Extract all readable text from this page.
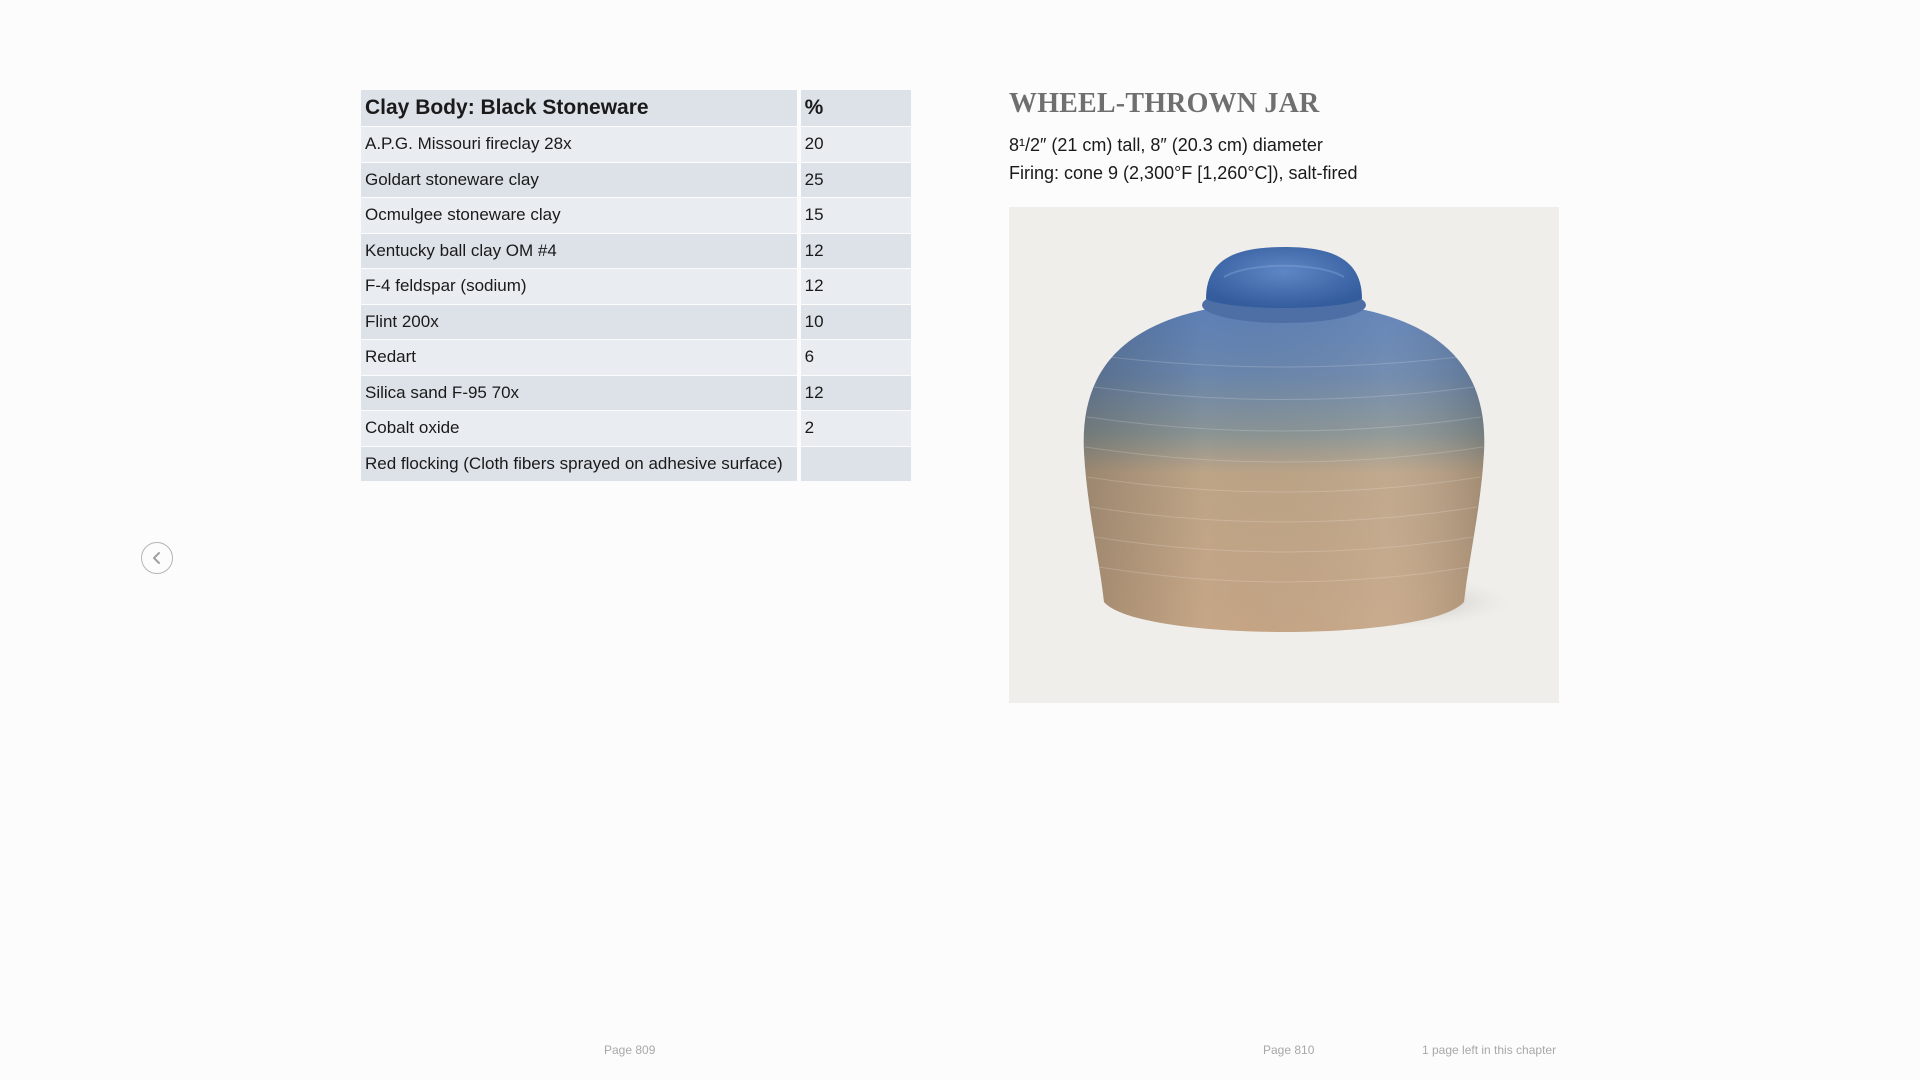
Clay Body: Black Stoneware	%
A.P.G. Missouri fireclay 28x	20
Goldart stoneware clay	25
Ocmulgee stoneware clay	15
Kentucky ball clay OM #4	12
F-4 feldspar (sodium)	12
Flint 200x	10
Redart	6
Silica sand F-95 70x	12
Cobalt oxide	2
Red flocking (Cloth fibers sprayed on adhesive surface)	
WHEEL-THROWN JAR
8¹/2″ (21 cm) tall, 8″ (20.3 cm) diameter
Firing: cone 9 (2,300°F [1,260°C]), salt-fired
Page 809	Page 810	1 page left in this chapter
